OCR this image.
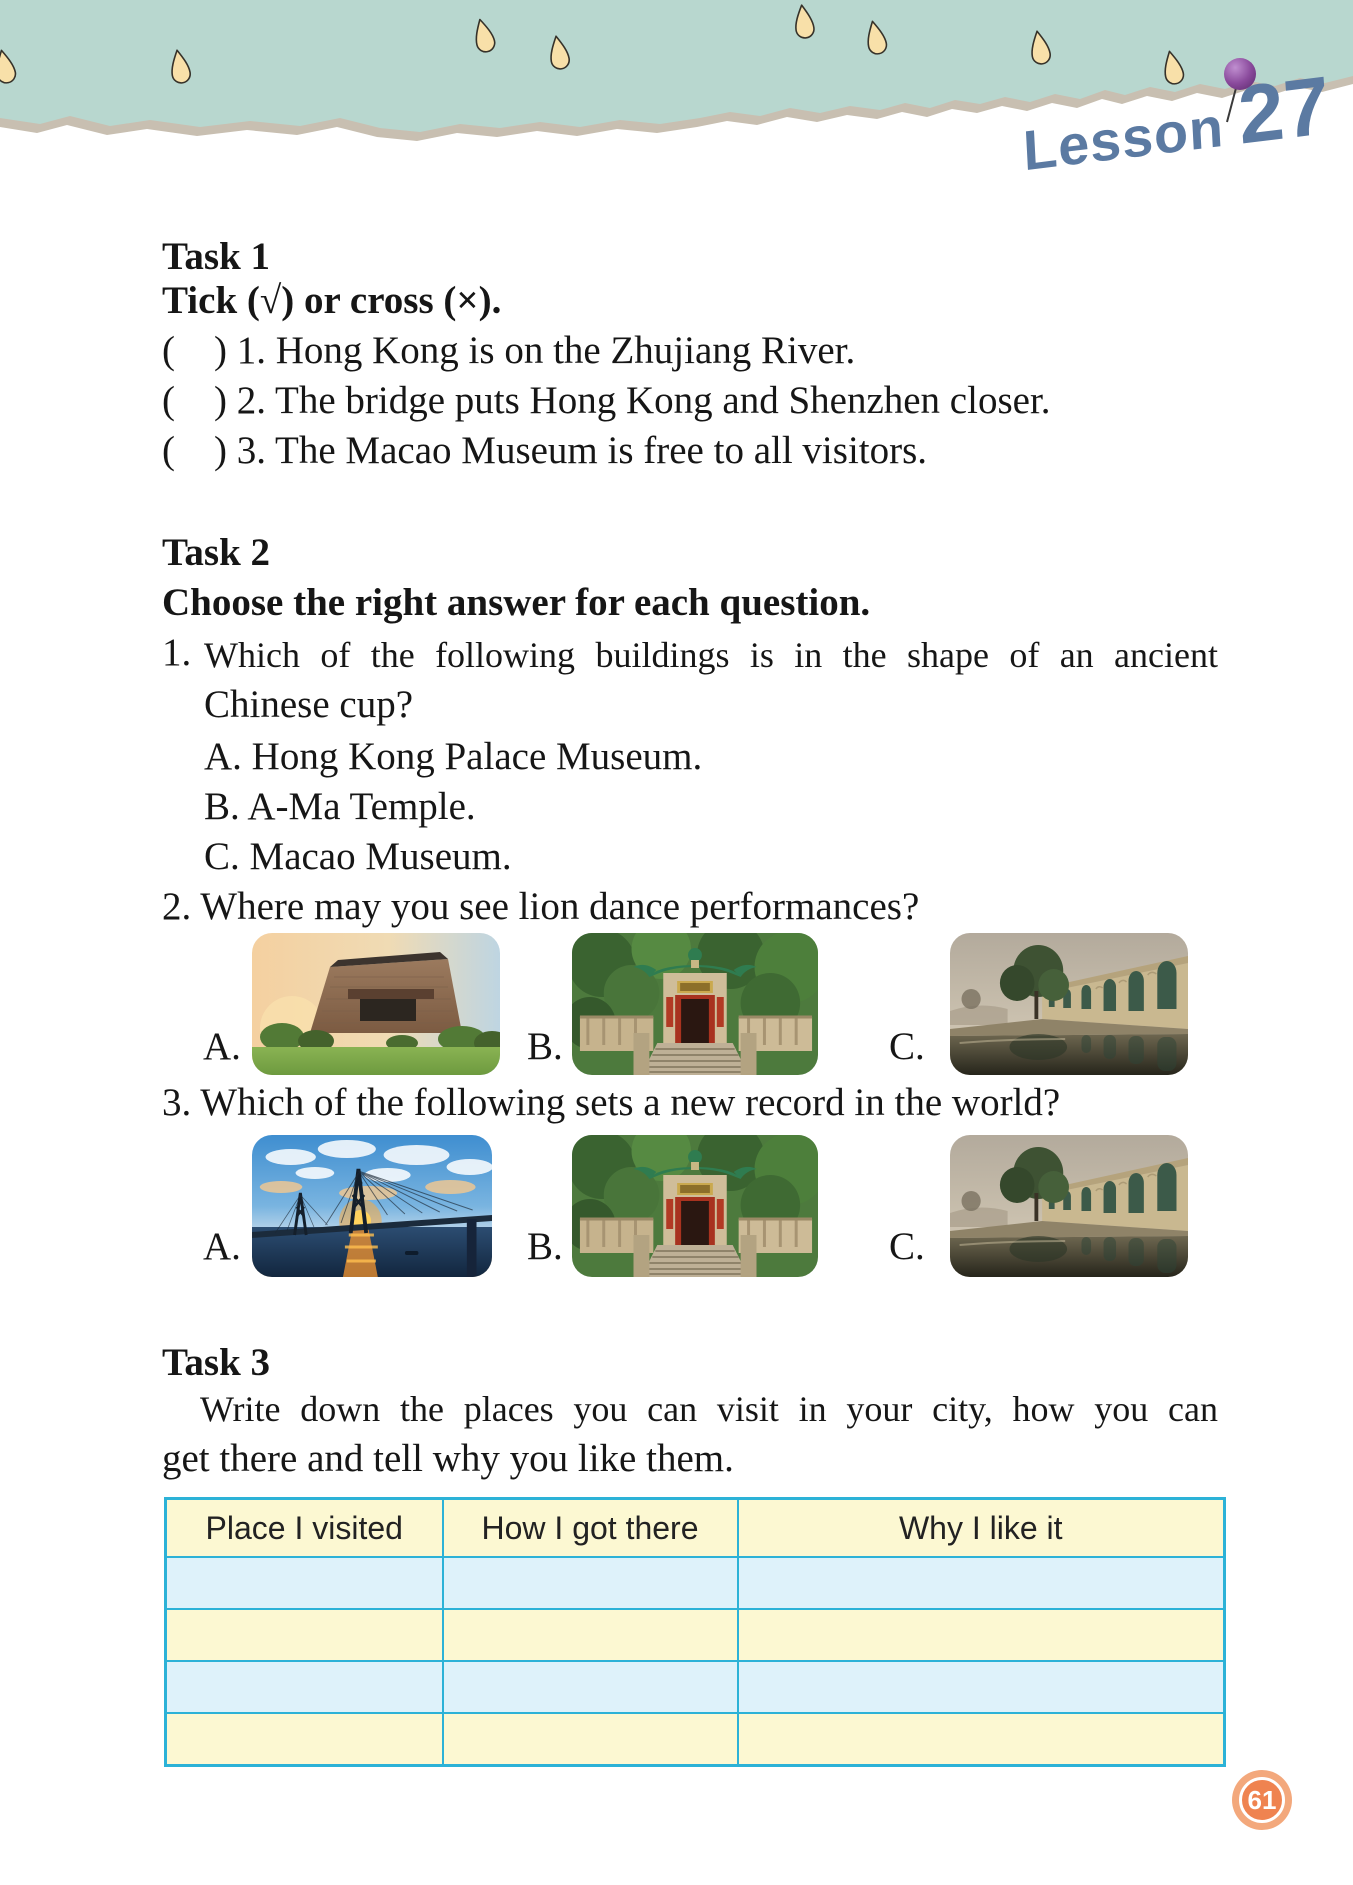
Lesson 27
Task 1
Tick (√) or cross (×).
(    ) 1. Hong Kong is on the Zhujiang River.
(    ) 2. The bridge puts Hong Kong and Shenzhen closer.
(    ) 3. The Macao Museum is free to all visitors.
Task 2
Choose the right answer for each question.
1. Which of the following buildings is in the shape of an ancient
Chinese cup?
A. Hong Kong Palace Museum.
B. A-Ma Temple.
C. Macao Museum.
2. Where may you see lion dance performances?
A.	B.	C.
3. Which of the following sets a new record in the world?
A.	B.	C.
Task 3
Write down the places you can visit in your city, how you can
get there and tell why you like them.
Place I visited	How I got there	Why I like it

61
